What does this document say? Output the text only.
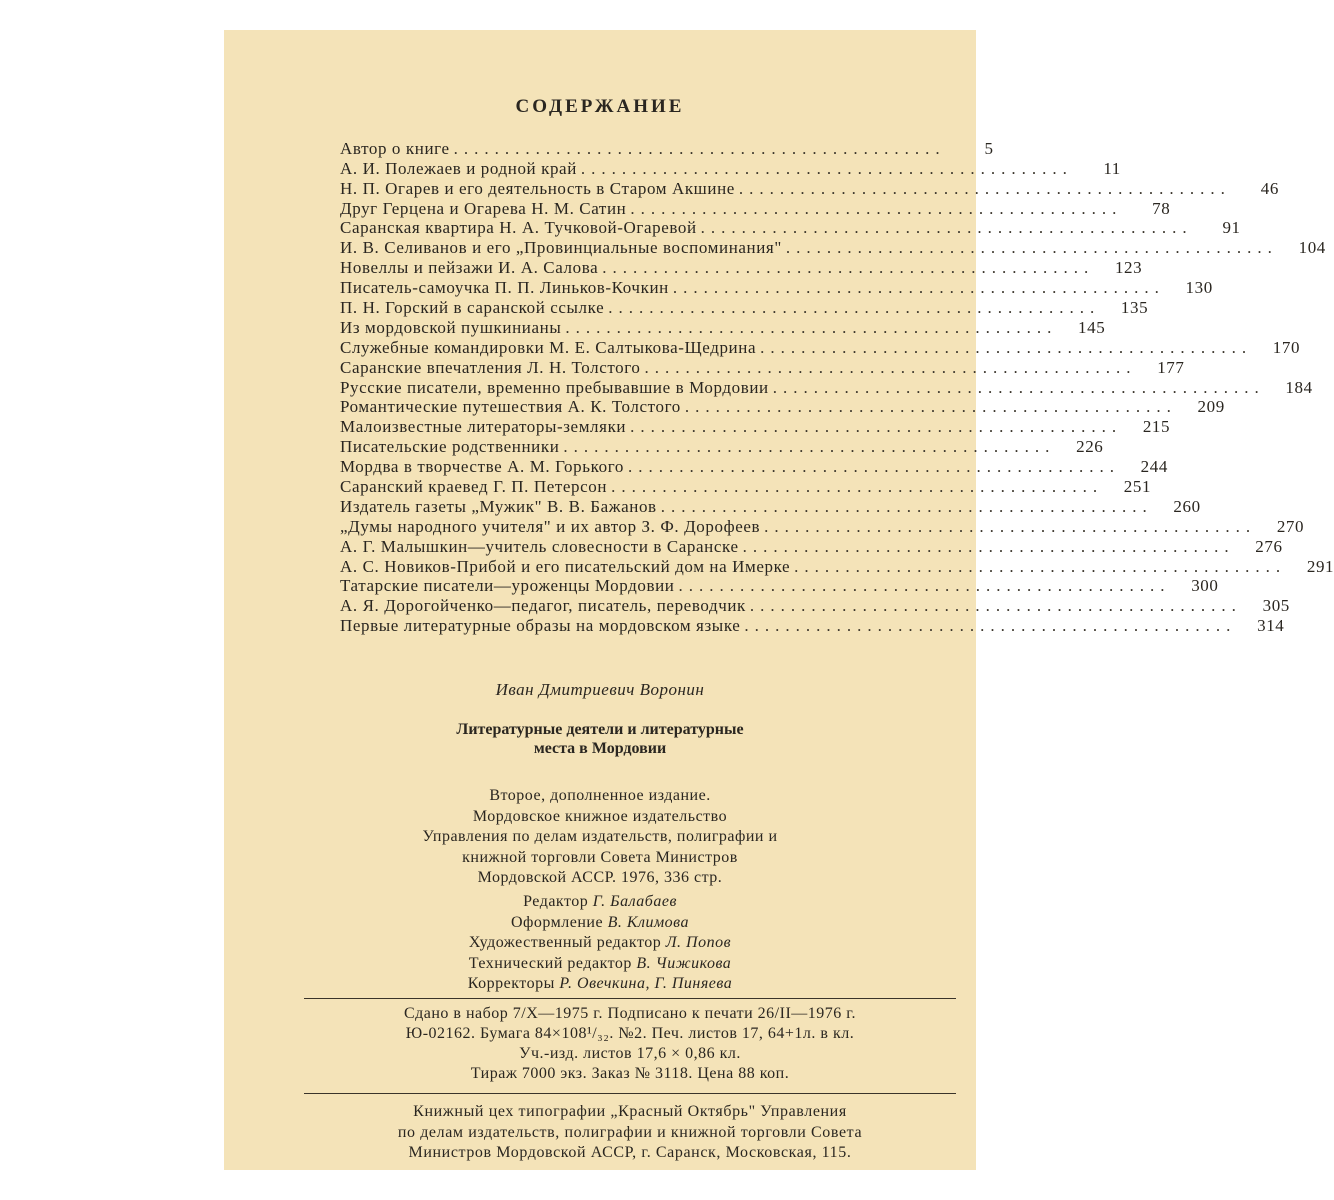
СОДЕРЖАНИЕ
Автор о книге ................................................	5
А. И. Полежаев и родной край ................................................	11
Н. П. Огарев и его деятельность в Старом Акшине ................................................	46
Друг Герцена и Огарева Н. М. Сатин ................................................	78
Саранская квартира Н. А. Тучковой-Огаревой ................................................	91
И. В. Селиванов и его „Провинциальные воспоминания" ................................................	104
Новеллы и пейзажи И. А. Салова ................................................	123
Писатель-самоучка П. П. Линьков-Кочкин ................................................	130
П. Н. Горский в саранской ссылке ................................................	135
Из мордовской пушкинианы ................................................	145
Служебные командировки М. Е. Салтыкова-Щедрина ................................................	170
Саранские впечатления Л. Н. Толстого ................................................	177
Русские писатели, временно пребывавшие в Мордовии ................................................	184
Романтические путешествия А. К. Толстого ................................................	209
Малоизвестные литераторы-земляки ................................................	215
Писательские родственники ................................................	226
Мордва в творчестве А. М. Горького ................................................	244
Саранский краевед Г. П. Петерсон ................................................	251
Издатель газеты „Мужик" В. В. Бажанов ................................................	260
„Думы народного учителя" и их автор З. Ф. Дорофеев ................................................	270
А. Г. Малышкин—учитель словесности в Саранске ................................................	276
А. С. Новиков-Прибой и его писательский дом на Имерке ................................................	291
Татарские писатели—уроженцы Мордовии ................................................	300
А. Я. Дорогойченко—педагог, писатель, переводчик ................................................	305
Первые литературные образы на мордовском языке ................................................	314
Иван Дмитриевич Воронин
Литературные деятели и литературные
места в Мордовии
Второе, дополненное издание.
Мордовское книжное издательство
Управления по делам издательств, полиграфии и
книжной торговли Совета Министров
Мордовской АССР. 1976, 336 стр.
Редактор Г. Балабаев
Оформление В. Климова
Художественный редактор Л. Попов
Технический редактор В. Чижикова
Корректоры Р. Овечкина, Г. Пиняева
Сдано в набор 7/X—1975 г. Подписано к печати 26/II—1976 г.
Ю-02162. Бумага 84×108¹/₃₂. №2. Печ. листов 17, 64+1л. в кл.
Уч.-изд. листов 17,6 × 0,86 кл.
Тираж 7000 экз. Заказ № 3118. Цена 88 коп.
Книжный цех типографии „Красный Октябрь" Управления
по делам издательств, полиграфии и книжной торговли Совета
Министров Мордовской АССР, г. Саранск, Московская, 115.
